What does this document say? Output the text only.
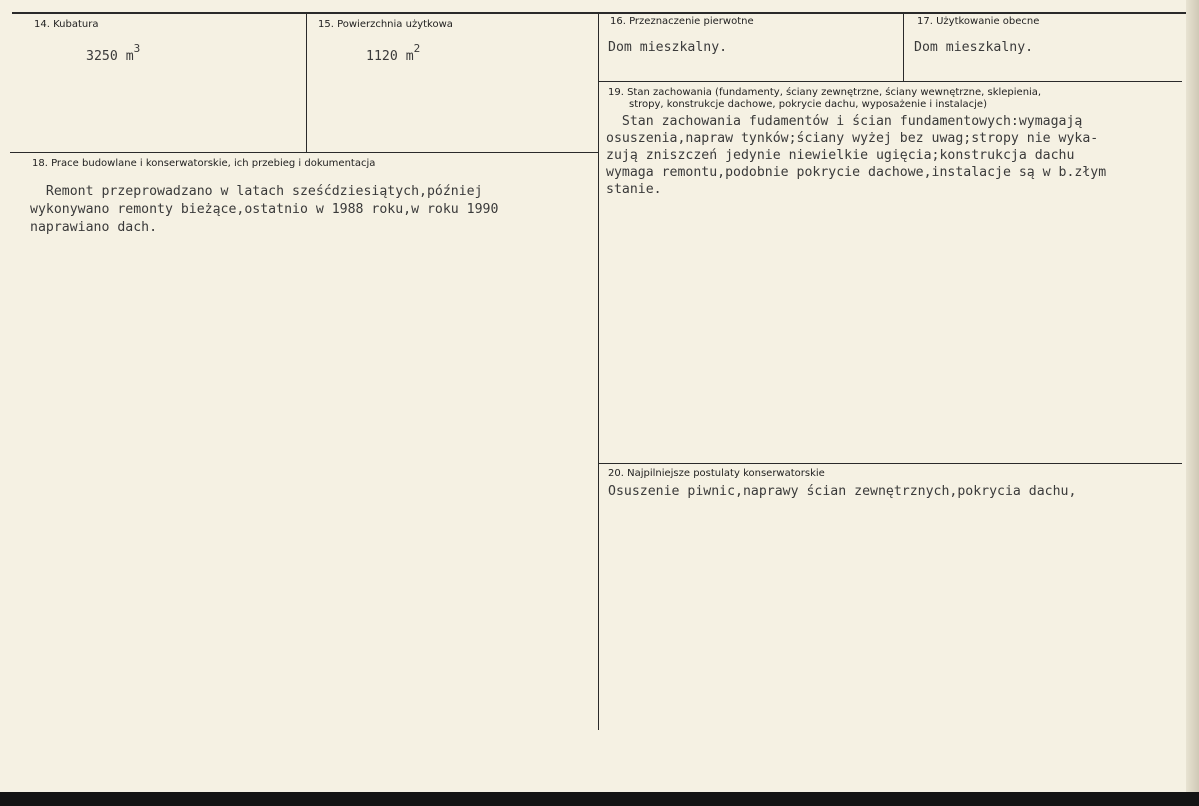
14. Kubatura
3250 $m^3$
15. Powierzchnia użytkowa
1120 $m^2$
16. Przeznaczenie pierwotne
Dom mieszkalny.
17. Użytkowanie obecne
Dom mieszkalny.
18. Prace budowlane i konserwatorskie, ich przebieg i dokumentacja
Remont przeprowadzano w latach sześćdziesiątych,później
wykonywano remonty bieżące,ostatnio w 1988 roku,w roku 1990
naprawiano dach.
19. Stan zachowania (fundamenty, ściany zewnętrzne, ściany wewnętrzne, sklepienia,
stropy, konstrukcje dachowe, pokrycie dachu, wyposażenie i instalacje)
Stan zachowania fudamentów i ścian fundamentowych:wymagają
osuszenia,napraw tynków;ściany wyżej bez uwag;stropy nie wyka-
zują zniszczeń jedynie niewielkie ugięcia;konstrukcja dachu
wymaga remontu,podobnie pokrycie dachowe,instalacje są w b.złym
stanie.
20. Najpilniejsze postulaty konserwatorskie
Osuszenie piwnic,naprawy ścian zewnętrznych,pokrycia dachu,
